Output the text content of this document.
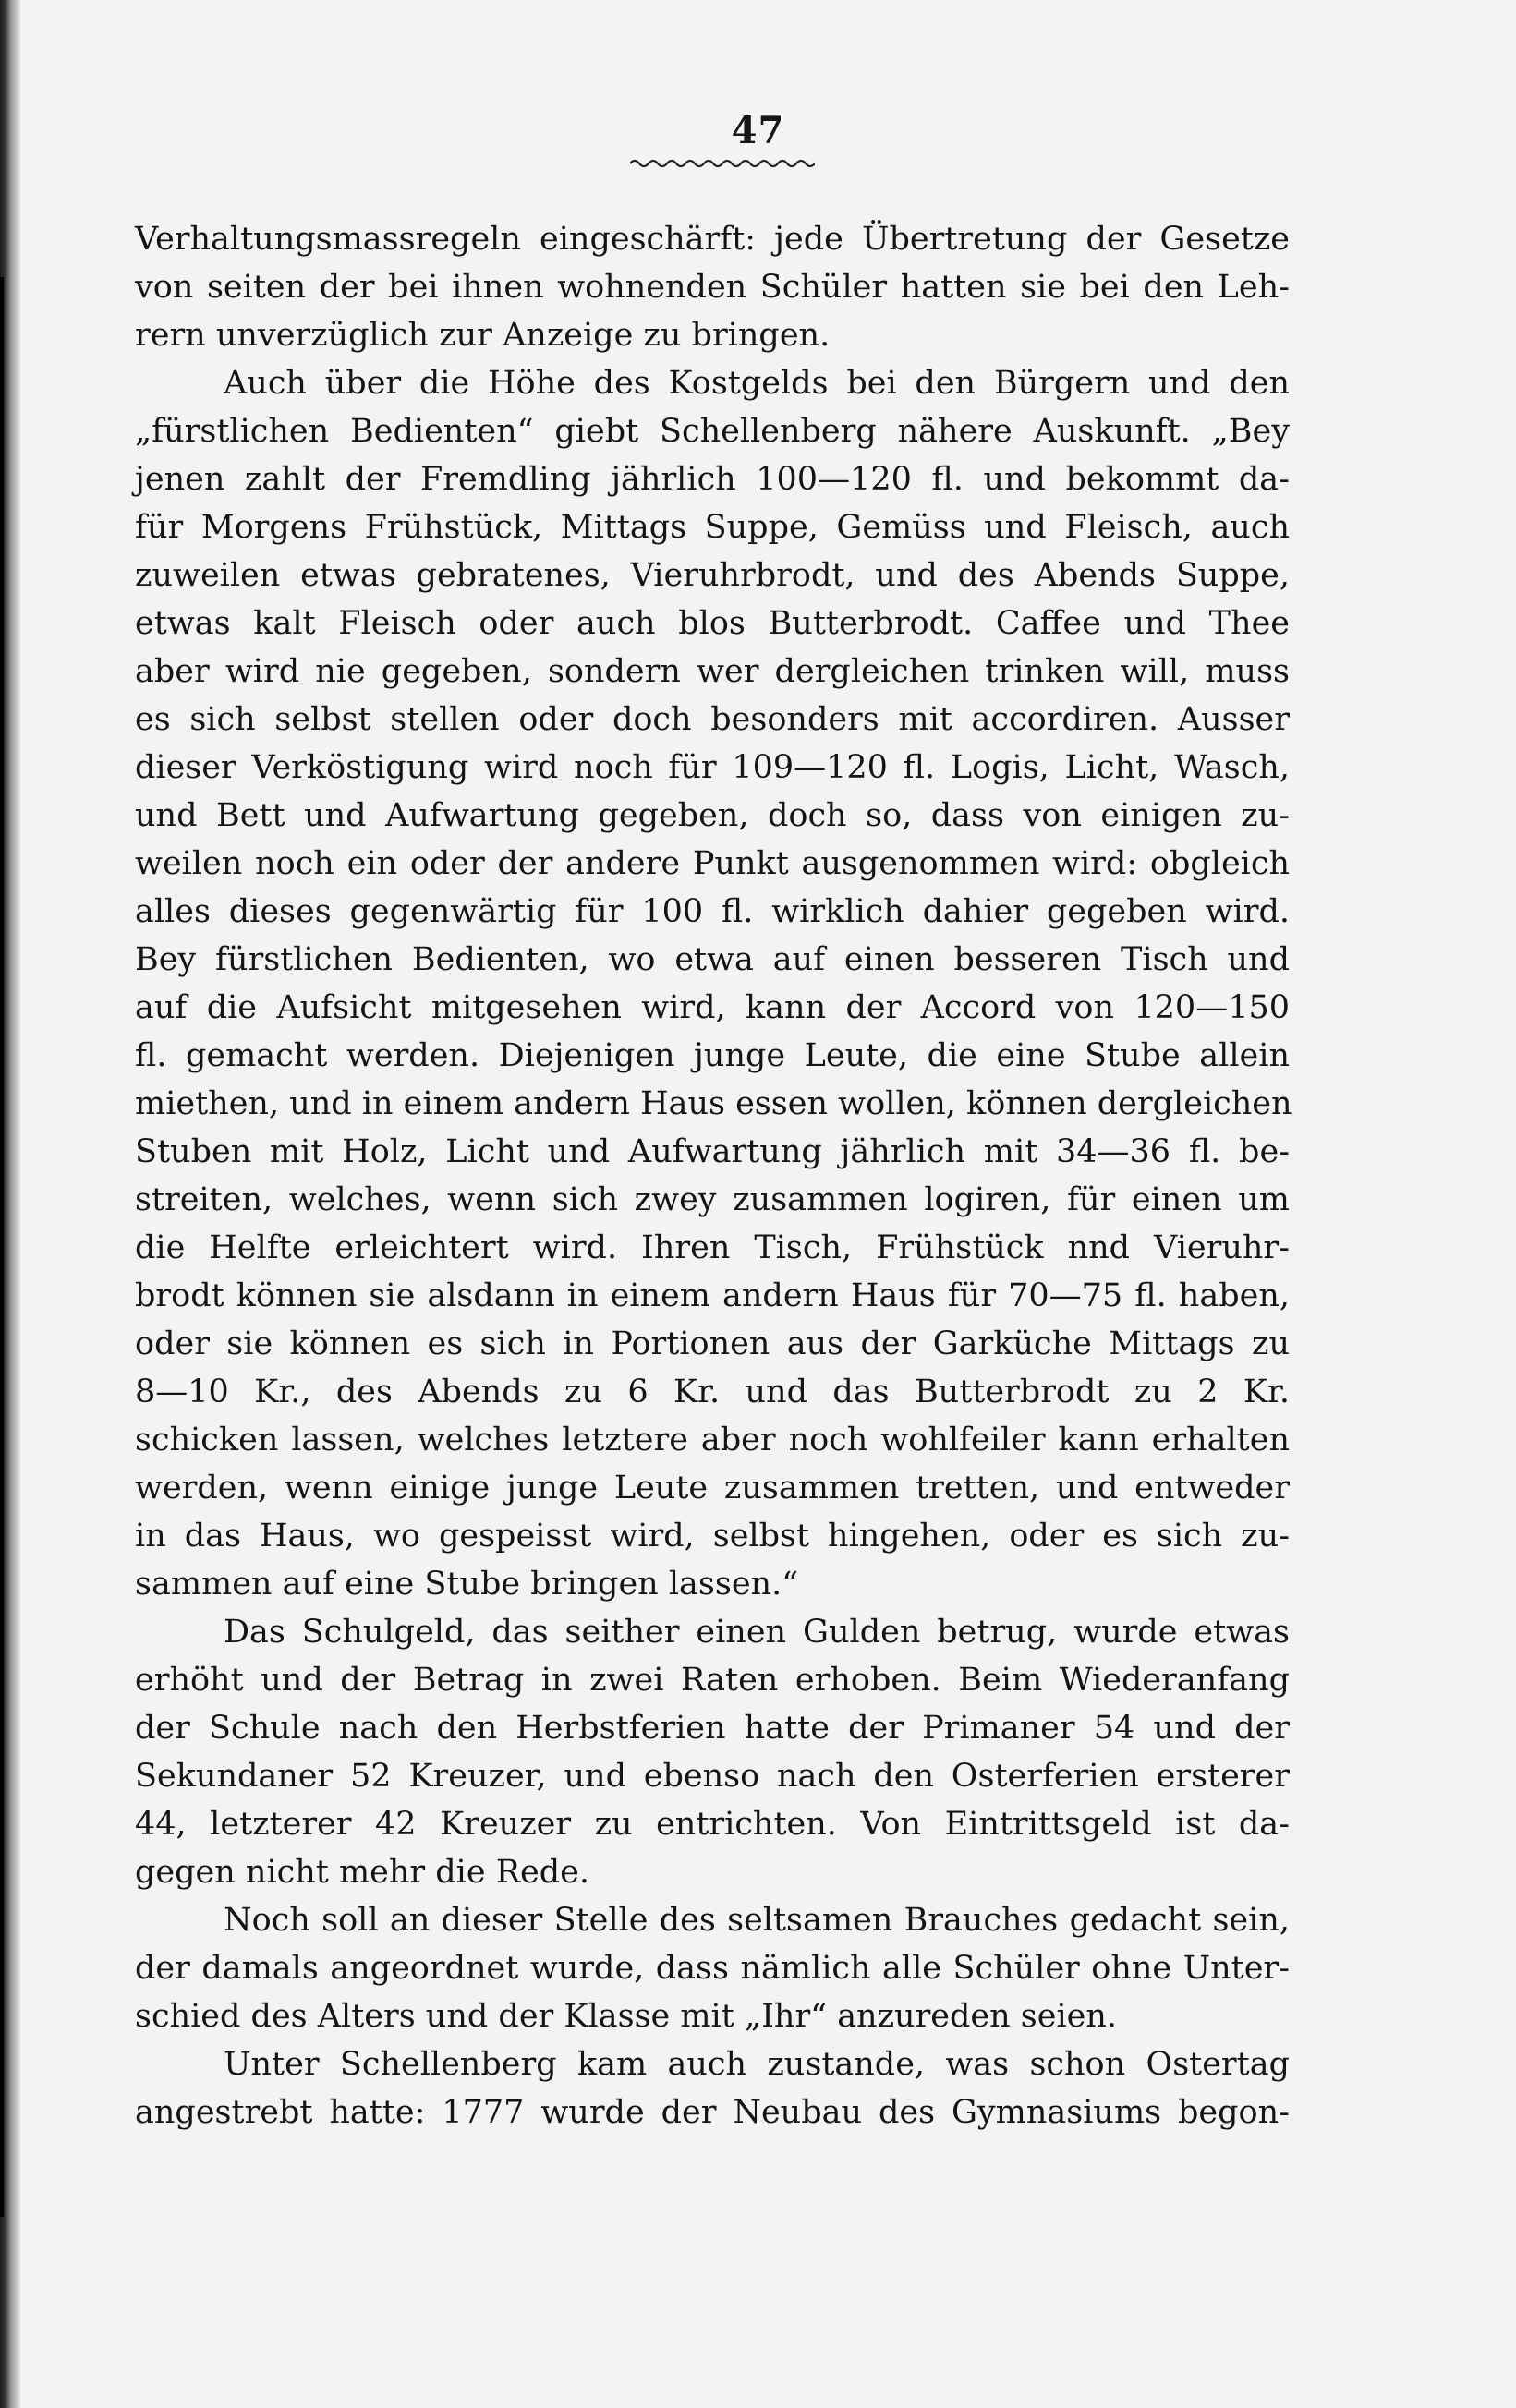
47
Verhaltungsmassregeln eingeschärft: jede Übertretung der Gesetze
von seiten der bei ihnen wohnenden Schüler hatten sie bei den Leh-
rern unverzüglich zur Anzeige zu bringen.
Auch über die Höhe des Kostgelds bei den Bürgern und den
„fürstlichen Bedienten“ giebt Schellenberg nähere Auskunft. „Bey
jenen zahlt der Fremdling jährlich 100—120 fl. und bekommt da-
für Morgens Frühstück, Mittags Suppe, Gemüss und Fleisch, auch
zuweilen etwas gebratenes, Vieruhrbrodt, und des Abends Suppe,
etwas kalt Fleisch oder auch blos Butterbrodt. Caffee und Thee
aber wird nie gegeben, sondern wer dergleichen trinken will, muss
es sich selbst stellen oder doch besonders mit accordiren. Ausser
dieser Verköstigung wird noch für 109—120 fl. Logis, Licht, Wasch,
und Bett und Aufwartung gegeben, doch so, dass von einigen zu-
weilen noch ein oder der andere Punkt ausgenommen wird: obgleich
alles dieses gegenwärtig für 100 fl. wirklich dahier gegeben wird.
Bey fürstlichen Bedienten, wo etwa auf einen besseren Tisch und
auf die Aufsicht mitgesehen wird, kann der Accord von 120—150
fl. gemacht werden. Diejenigen junge Leute, die eine Stube allein
miethen, und in einem andern Haus essen wollen, können dergleichen
Stuben mit Holz, Licht und Aufwartung jährlich mit 34—36 fl. be-
streiten, welches, wenn sich zwey zusammen logiren, für einen um
die Helfte erleichtert wird. Ihren Tisch, Frühstück nnd Vieruhr-
brodt können sie alsdann in einem andern Haus für 70—75 fl. haben,
oder sie können es sich in Portionen aus der Garküche Mittags zu
8—10 Kr., des Abends zu 6 Kr. und das Butterbrodt zu 2 Kr.
schicken lassen, welches letztere aber noch wohlfeiler kann erhalten
werden, wenn einige junge Leute zusammen tretten, und entweder
in das Haus, wo gespeisst wird, selbst hingehen, oder es sich zu-
sammen auf eine Stube bringen lassen.“
Das Schulgeld, das seither einen Gulden betrug, wurde etwas
erhöht und der Betrag in zwei Raten erhoben. Beim Wiederanfang
der Schule nach den Herbstferien hatte der Primaner 54 und der
Sekundaner 52 Kreuzer, und ebenso nach den Osterferien ersterer
44, letzterer 42 Kreuzer zu entrichten. Von Eintrittsgeld ist da-
gegen nicht mehr die Rede.
Noch soll an dieser Stelle des seltsamen Brauches gedacht sein,
der damals angeordnet wurde, dass nämlich alle Schüler ohne Unter-
schied des Alters und der Klasse mit „Ihr“ anzureden seien.
Unter Schellenberg kam auch zustande, was schon Ostertag
angestrebt hatte: 1777 wurde der Neubau des Gymnasiums begon-
